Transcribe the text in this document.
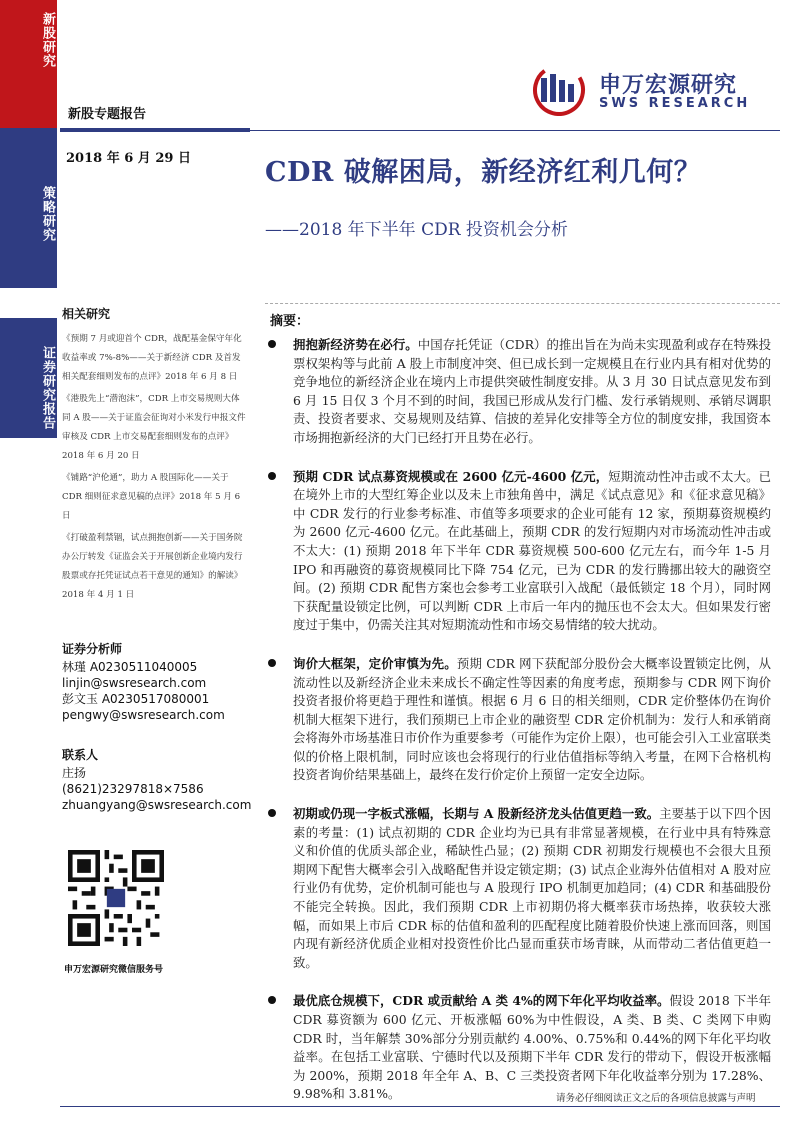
新股研究
策略研究
证券研究报告
新股专题报告
申万宏源研究
SWS RESEARCH
2018 年 6 月 29 日	CDR 破解困局，新经济红利几何？
——2018 年下半年 CDR 投资机会分析
相关研究
《预期 7 月或迎首个 CDR，战配基金保守年化收益率或 7%-8%——关于新经济 CDR 及首发相关配套细则发布的点评》2018 年 6 月 8 日
《港股先上“潜泡沫”，CDR 上市交易规则大体同 A 股——关于证监会征询对小米发行申报文件审核及 CDR 上市交易配套细则发布的点评》2018 年 6 月 20 日
《铺路“沪伦通”，助力 A 股国际化——关于CDR 细则征求意见稿的点评》2018 年 5 月 6 日
《打破盈利禁锢，试点拥抱创新——关于国务院办公厅转发《证监会关于开展创新企业境内发行股票或存托凭证试点若干意见的通知》的解读》2018 年 4 月 1 日
证券分析师
林瑾 A0230511040005
linjin@swsresearch.com
彭文玉 A0230517080001
pengwy@swsresearch.com
联系人
庄扬
(8621)23297818×7586
zhuangyang@swsresearch.com
申万宏源研究微信服务号
摘要：
拥抱新经济势在必行。中国存托凭证（CDR）的推出旨在为尚未实现盈利或存在特殊投票权架构等与此前 A 股上市制度冲突、但已成长到一定规模且在行业内具有相对优势的竞争地位的新经济企业在境内上市提供突破性制度安排。从 3 月 30 日试点意见发布到 6 月 15 日仅 3 个月不到的时间，我国已形成从发行门槛、发行承销规则、承销尽调职责、投资者要求、交易规则及结算、信披的差异化安排等全方位的制度安排，我国资本市场拥抱新经济的大门已经打开且势在必行。
预期 CDR 试点募资规模或在 2600 亿元-4600 亿元，短期流动性冲击或不太大。已在境外上市的大型红筹企业以及未上市独角兽中，满足《试点意见》和《征求意见稿》中 CDR 发行的行业参考标准、市值等多项要求的企业可能有 12 家，预期募资规模约为 2600 亿元-4600 亿元。在此基础上，预期 CDR 的发行短期内对市场流动性冲击或不太大：(1) 预期 2018 年下半年 CDR 募资规模 500-600 亿元左右，而今年 1-5 月 IPO 和再融资的募资规模同比下降 754 亿元，已为 CDR 的发行腾挪出较大的融资空间。(2) 预期 CDR 配售方案也会参考工业富联引入战配（最低锁定 18 个月），同时网下获配量设锁定比例，可以判断 CDR 上市后一年内的抛压也不会太大。但如果发行密度过于集中，仍需关注其对短期流动性和市场交易情绪的较大扰动。
询价大框架，定价审慎为先。预期 CDR 网下获配部分股份会大概率设置锁定比例，从流动性以及新经济企业未来成长不确定性等因素的角度考虑，预期参与 CDR 网下询价投资者报价将更趋于理性和谨慎。根据 6 月 6 日的相关细则，CDR 定价整体仍在询价机制大框架下进行，我们预期已上市企业的融资型 CDR 定价机制为：发行人和承销商会将海外市场基准日市价作为重要参考（可能作为定价上限），也可能会引入工业富联类似的价格上限机制，同时应该也会将现行的行业估值指标等纳入考量，在网下合格机构投资者询价结果基础上，最终在发行价定价上预留一定安全边际。
初期或仍现一字板式涨幅，长期与 A 股新经济龙头估值更趋一致。主要基于以下四个因素的考量：(1) 试点初期的 CDR 企业均为已具有非常显著规模，在行业中具有特殊意义和价值的优质头部企业，稀缺性凸显；(2) 预期 CDR 初期发行规模也不会很大且预期网下配售大概率会引入战略配售并设定锁定期；(3) 试点企业海外估值相对 A 股对应行业仍有优势，定价机制可能也与 A 股现行 IPO 机制更加趋同；(4) CDR 和基础股份不能完全转换。因此，我们预期 CDR 上市初期仍将大概率获市场热捧，收获较大涨幅，而如果上市后 CDR 标的估值和盈利的匹配程度比随着股价快速上涨而回落，则国内现有新经济优质企业相对投资性价比凸显而重获市场青睐，从而带动二者估值更趋一致。
最优底仓规模下，CDR 或贡献给 A 类 4%的网下年化平均收益率。假设 2018 下半年 CDR 募资额为 600 亿元、开板涨幅 60%为中性假设，A 类、B 类、C 类网下申购 CDR 时，当年解禁 30%部分分别贡献约 4.00%、0.75%和 0.44%的网下年化平均收益率。在包括工业富联、宁德时代以及预期下半年 CDR 发行的带动下，假设开板涨幅为 200%，预期 2018 年全年 A、B、C 三类投资者网下年化收益率分别为 17.28%、9.98%和 3.81%。	请务必仔细阅读正文之后的各项信息披露与声明
